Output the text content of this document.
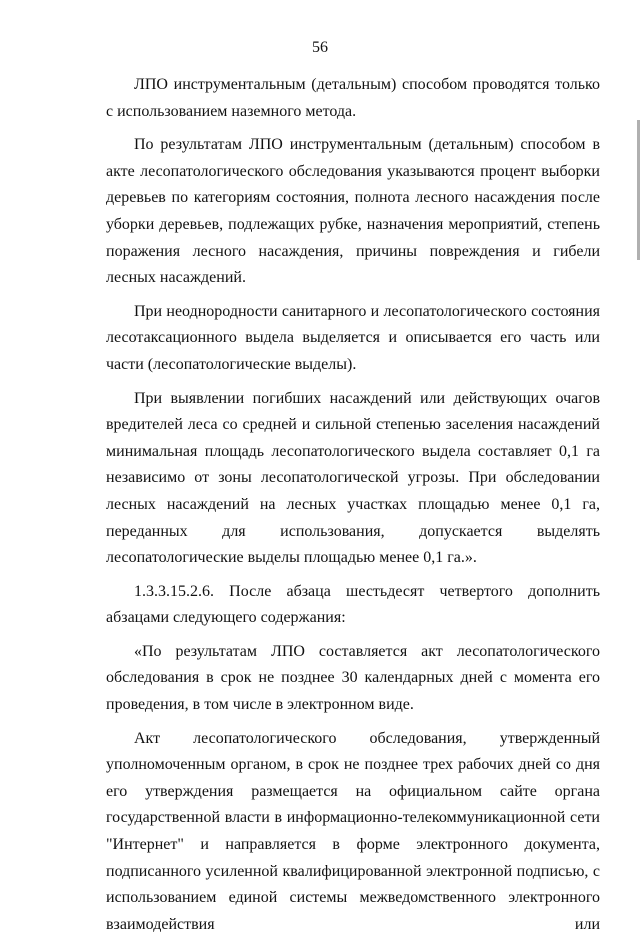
56

ЛПО инструментальным (детальным) способом проводятся только с использованием наземного метода.

По результатам ЛПО инструментальным (детальным) способом в акте лесопатологического обследования указываются процент выборки деревьев по категориям состояния, полнота лесного насаждения после уборки деревьев, подлежащих рубке, назначения мероприятий, степень поражения лесного насаждения, причины повреждения и гибели лесных насаждений.

При неоднородности санитарного и лесопатологического состояния лесотаксационного выдела выделяется и описывается его часть или части (лесопатологические выделы).

При выявлении погибших насаждений или действующих очагов вредителей леса со средней и сильной степенью заселения насаждений минимальная площадь лесопатологического выдела составляет 0,1 га независимо от зоны лесопатологической угрозы. При обследовании лесных насаждений на лесных участках площадью менее 0,1 га, переданных для использования, допускается выделять лесопатологические выделы площадью менее 0,1 га.».

1.3.3.15.2.6. После абзаца шестьдесят четвертого дополнить абзацами следующего содержания:

«По результатам ЛПО составляется акт лесопатологического обследования в срок не позднее 30 календарных дней с момента его проведения, в том числе в электронном виде.

Акт лесопатологического обследования, утвержденный уполномоченным органом, в срок не позднее трех рабочих дней со дня его утверждения размещается на официальном сайте органа государственной власти в информационно-телекоммуникационной сети "Интернет" и направляется в форме электронного документа, подписанного усиленной квалифицированной электронной подписью, с использованием единой системы межведомственного электронного взаимодействия или
